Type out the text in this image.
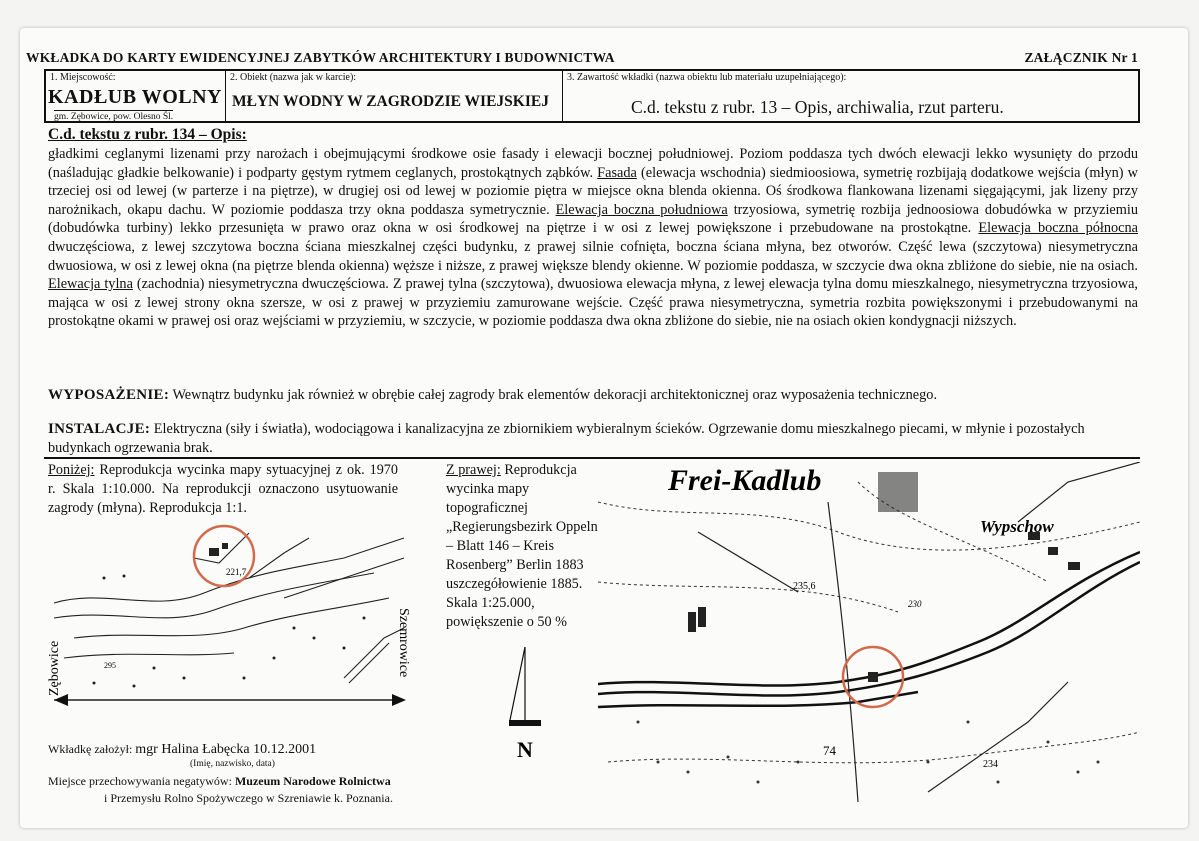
WKŁADKA DO KARTY EWIDENCYJNEJ ZABYTKÓW ARCHITEKTURY I BUDOWNICTWA	ZAŁĄCZNIK Nr 1
1. Miejscowość:
KADŁUB WOLNY
gm. Zębowice, pow. Olesno Śl.
2. Obiekt (nazwa jak w karcie):
MŁYN WODNY W ZAGRODZIE WIEJSKIEJ
3. Zawartość wkładki (nazwa obiektu lub materiału uzupełniającego):
C.d. tekstu z rubr. 13 – Opis, archiwalia, rzut parteru.
C.d. tekstu z rubr. 134 – Opis:
gładkimi ceglanymi lizenami przy narożach i obejmującymi środkowe osie fasady i elewacji bocznej południowej. Poziom poddasza tych dwóch elewacji lekko wysunięty do przodu (naśladując gładkie belkowanie) i podparty gęstym rytmem ceglanych, prostokątnych ząbków. Fasada (elewacja wschodnia) siedmioosiowa, symetrię rozbijają dodatkowe wejścia (młyn) w trzeciej osi od lewej (w parterze i na piętrze), w drugiej osi od lewej w poziomie piętra w miejsce okna blenda okienna. Oś środkowa flankowana lizenami sięgającymi, jak lizeny przy narożnikach, okapu dachu. W poziomie poddasza trzy okna poddasza symetrycznie. Elewacja boczna południowa trzyosiowa, symetrię rozbija jednoosiowa dobudówka w przyziemiu (dobudówka turbiny) lekko przesunięta w prawo oraz okna w osi środkowej na piętrze i w osi z lewej powiększone i przebudowane na prostokątne. Elewacja boczna północna dwuczęściowa, z lewej szczytowa boczna ściana mieszkalnej części budynku, z prawej silnie cofnięta, boczna ściana młyna, bez otworów. Część lewa (szczytowa) niesymetryczna dwuosiowa, w osi z lewej okna (na piętrze blenda okienna) węższe i niższe, z prawej większe blendy okienne. W poziomie poddasza, w szczycie dwa okna zbliżone do siebie, nie na osiach. Elewacja tylna (zachodnia) niesymetryczna dwuczęściowa. Z prawej tylna (szczytowa), dwuosiowa elewacja młyna, z lewej elewacja tylna domu mieszkalnego, niesymetryczna trzyosiowa, mająca w osi z lewej strony okna szersze, w osi z prawej w przyziemiu zamurowane wejście. Część prawa niesymetryczna, symetria rozbita powiększonymi i przebudowanymi na prostokątne okami w prawej osi oraz wejściami w przyziemiu, w szczycie, w poziomie poddasza dwa okna zbliżone do siebie, nie na osiach okien kondygnacji niższych.
WYPOSAŻENIE: Wewnątrz budynku jak również w obrębie całej zagrody brak elementów dekoracji architektonicznej oraz wyposażenia technicznego.
INSTALACJE: Elektryczna (siły i światła), wodociągowa i kanalizacyjna ze zbiornikiem wybieralnym ścieków. Ogrzewanie domu mieszkalnego piecami, w młynie i pozostałych budynkach ogrzewania brak.
Poniżej: Reprodukcja wycinka mapy sytuacyjnej z ok. 1970 r. Skala 1:10.000. Na reprodukcji oznaczono usytuowanie zagrody (młyna). Reprodukcja 1:1.
Z prawej: Reprodukcja wycinka mapy topograficznej „Regierungsbezirk Oppeln – Blatt 146 – Kreis Rosenberg” Berlin 1883 uszczegółowienie 1885. Skala 1:25.000, powiększenie o 50 %
221,7
295
Zębowice	Szemrowice
N
Frei-Kadlub
Wypschow
235,6
230
234
74
Wkładkę założył: mgr Halina Łabęcka 10.12.2001
(Imię, nazwisko, data)
Miejsce przechowywania negatywów: Muzeum Narodowe Rolnictwa
i Przemysłu Rolno Spożywczego w Szreniawie k. Poznania.
